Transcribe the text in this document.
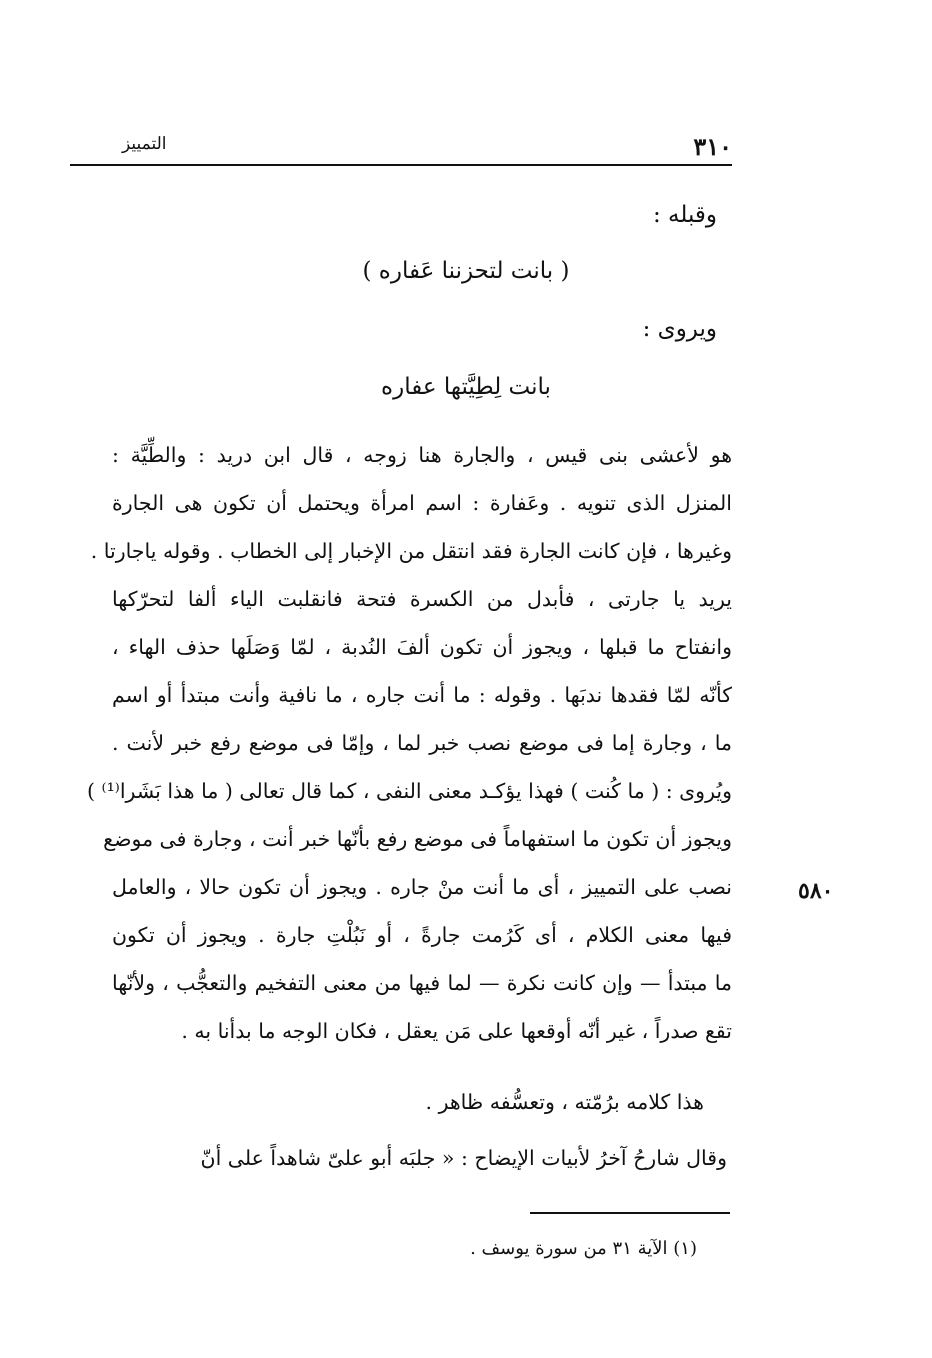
٣١٠
التمييز
وقبله :
( بانت لتحزننا عَفاره )
ويروى :
بانت لِطِيَّتها عفاره
هو لأعشى بنى قيس ، والجارة هنا زوجه ، قال ابن دريد : والطِّيَّة :
المنزل الذى تنويه . وعَفارة : اسم امرأة ويحتمل أن تكون هى الجارة
وغيرها ، فإن كانت الجارة فقد انتقل من الإخبار إلى الخطاب . وقوله ياجارتا .
يريد يا جارتى ، فأبدل من الكسرة فتحة فانقلبت الياء ألفا لتحرّكها
وانفتاح ما قبلها ، ويجوز أن تكون ألفَ النُدبة ، لمّا وَصَلَها حذف الهاء ،
كأنّه لمّا فقدها ندبَها . وقوله : ما أنت جاره ، ما نافية وأنت مبتدأ أو اسم
ما ، وجارة إما فى موضع نصب خبر لما ، وإمّا فى موضع رفع خبر لأنت .
ويُروى : ( ما كُنت ) فهذا يؤكـد معنى النفى ، كما قال تعالى ( ما هذا بَشَرا⁽¹⁾ )
ويجوز أن تكون ما استفهاماً فى موضع رفع بأنّها خبر أنت ، وجارة فى موضع
نصب على التمييز ، أى ما أنت منْ جاره . ويجوز أن تكون حالا ، والعامل
فيها معنى الكلام ، أى كَرُمت جارةً ، أو نَبُلْتِ جارة . ويجوز أن تكون
ما مبتدأ — وإن كانت نكرة — لما فيها من معنى التفخيم والتعجُّب ، ولأنّها
تقع صدراً ، غير أنّه أوقعها على مَن يعقل ، فكان الوجه ما بدأنا به .
هذا كلامه برُمّته ، وتعسُّفه ظاهر .
وقال شارحُ آخرُ لأبيات الإيضاح : « جلبَه أبو علىّ شاهداً على أنّ
٥٨٠
(١) الآية ٣١ من سورة يوسف .
